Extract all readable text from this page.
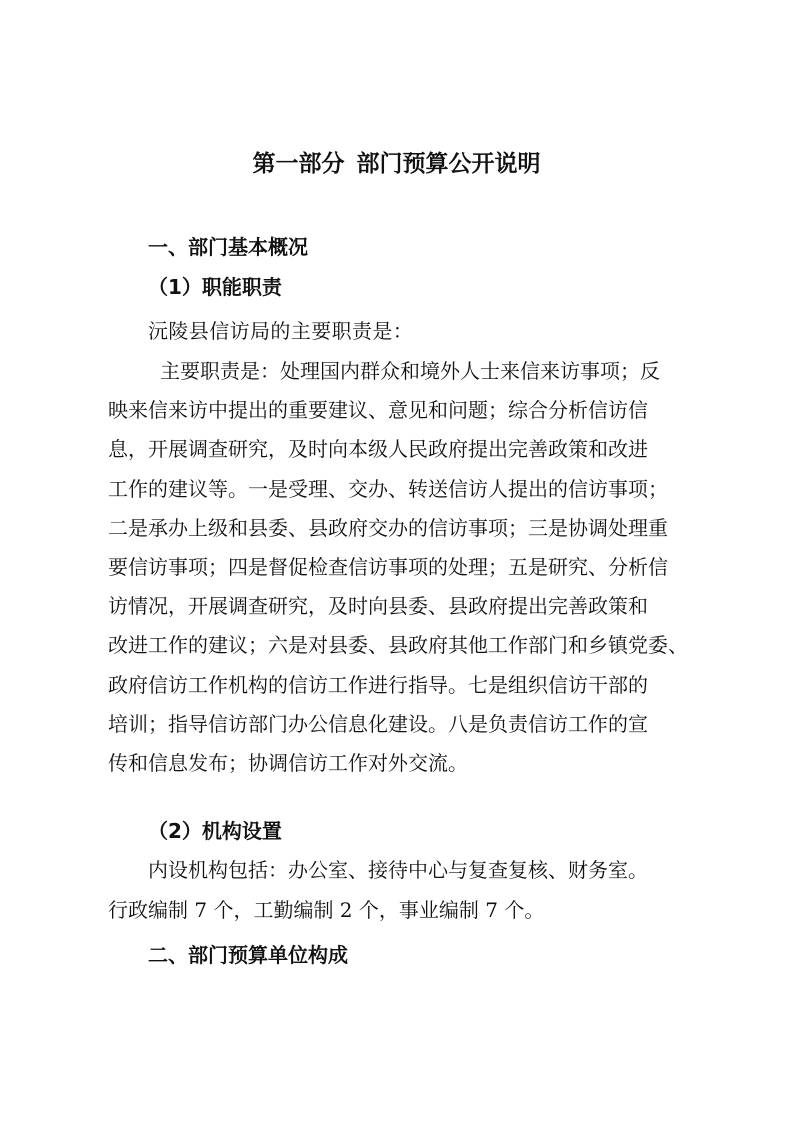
第一部分 部门预算公开说明
一、部门基本概况
（1）职能职责
沅陵县信访局的主要职责是：
主要职责是：处理国内群众和境外人士来信来访事项；反
映来信来访中提出的重要建议、意见和问题；综合分析信访信
息，开展调查研究，及时向本级人民政府提出完善政策和改进
工作的建议等。一是受理、交办、转送信访人提出的信访事项；
二是承办上级和县委、县政府交办的信访事项；三是协调处理重
要信访事项；四是督促检查信访事项的处理；五是研究、分析信
访情况，开展调查研究，及时向县委、县政府提出完善政策和
改进工作的建议；六是对县委、县政府其他工作部门和乡镇党委、
政府信访工作机构的信访工作进行指导。七是组织信访干部的
培训；指导信访部门办公信息化建设。八是负责信访工作的宣
传和信息发布；协调信访工作对外交流。
（2）机构设置
内设机构包括：办公室、接待中心与复查复核、财务室。
行政编制 7 个，工勤编制 2 个，事业编制 7 个。
二、部门预算单位构成
